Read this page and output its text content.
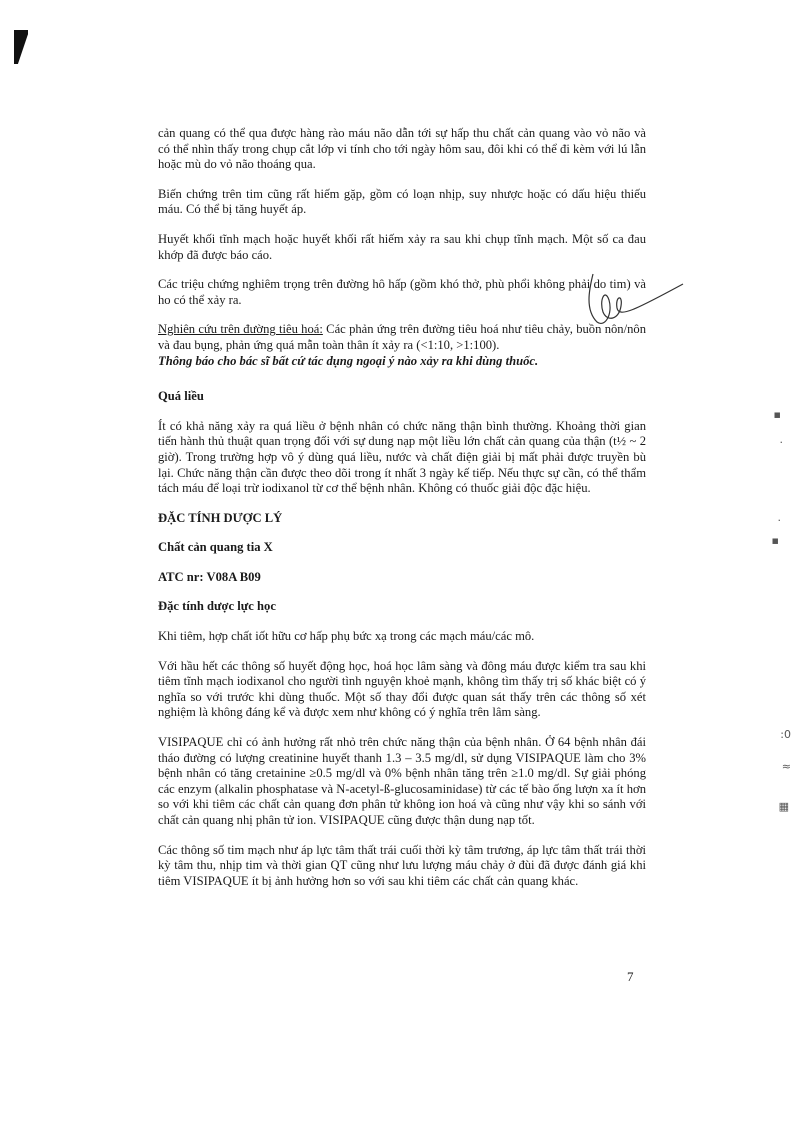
▪
·
·
▪
:0
≈
▦

cản quang có thể qua được hàng rào máu não dẫn tới sự hấp thu chất cản quang vào vỏ não và có thể nhìn thấy trong chụp cắt lớp vi tính cho tới ngày hôm sau, đôi khi có thể đi kèm với lú lẫn hoặc mù do vỏ não thoáng qua.

Biến chứng trên tim cũng rất hiếm gặp, gồm có loạn nhịp, suy nhược hoặc có dấu hiệu thiếu máu. Có thể bị tăng huyết áp.

Huyết khối tĩnh mạch hoặc huyết khối rất hiếm xảy ra sau khi chụp tĩnh mạch. Một số ca đau khớp đã được báo cáo.

Các triệu chứng nghiêm trọng trên đường hô hấp (gồm khó thở, phù phổi không phải do tim) và ho có thể xảy ra.

Nghiên cứu trên đường tiêu hoá: Các phản ứng trên đường tiêu hoá như tiêu chảy, buồn nôn/nôn và đau bụng, phản ứng quá mẫn toàn thân ít xảy ra (<1:10, >1:100).

Thông báo cho bác sĩ bất cứ tác dụng ngoại ý nào xảy ra khi dùng thuốc.

Quá liều

Ít có khả năng xảy ra quá liều ở bệnh nhân có chức năng thận bình thường. Khoảng thời gian tiến hành thủ thuật quan trọng đối với sự dung nạp một liều lớn chất cản quang của thận (t½ ~ 2 giờ). Trong trường hợp vô ý dùng quá liều, nước và chất điện giải bị mất phải được truyền bù lại. Chức năng thận cần được theo dõi trong ít nhất 3 ngày kế tiếp. Nếu thực sự cần, có thể thẩm tách máu để loại trừ iodixanol từ cơ thể bệnh nhân. Không có thuốc giải độc đặc hiệu.

ĐẶC TÍNH DƯỢC LÝ

Chất cản quang tia X

ATC nr: V08A B09

Đặc tính dược lực học

Khi tiêm, hợp chất iốt hữu cơ hấp phụ bức xạ trong các mạch máu/các mô.

Với hầu hết các thông số huyết động học, hoá học lâm sàng và đông máu được kiểm tra sau khi tiêm tĩnh mạch iodixanol cho người tình nguyện khoẻ mạnh, không tìm thấy trị số khác biệt có ý nghĩa so với trước khi dùng thuốc. Một số thay đổi được quan sát thấy trên các thông số xét nghiệm là không đáng kể và được xem như không có ý nghĩa trên lâm sàng.

VISIPAQUE chỉ có ảnh hưởng rất nhỏ trên chức năng thận của bệnh nhân. Ở 64 bệnh nhân đái tháo đường có lượng creatinine huyết thanh 1.3 – 3.5 mg/dl, sử dụng VISIPAQUE làm cho 3% bệnh nhân có tăng cretainine ≥0.5 mg/dl và 0% bệnh nhân tăng trên ≥1.0 mg/dl. Sự giải phóng các enzym (alkalin phosphatase và N-acetyl-ß-glucosaminidase) từ các tế bào ống lượn xa ít hơn so với khi tiêm các chất cản quang đơn phân tử không ion hoá và cũng như vậy khi so sánh với chất cản quang nhị phân tử ion. VISIPAQUE cũng được thận dung nạp tốt.

Các thông số tim mạch như áp lực tâm thất trái cuối thời kỳ tâm trương, áp lực tâm thất trái thời kỳ tâm thu, nhịp tim và thời gian QT cũng như lưu lượng máu chảy ở đùi đã được đánh giá khi tiêm VISIPAQUE ít bị ảnh hưởng hơn so với sau khi tiêm các chất cản quang khác.

7
